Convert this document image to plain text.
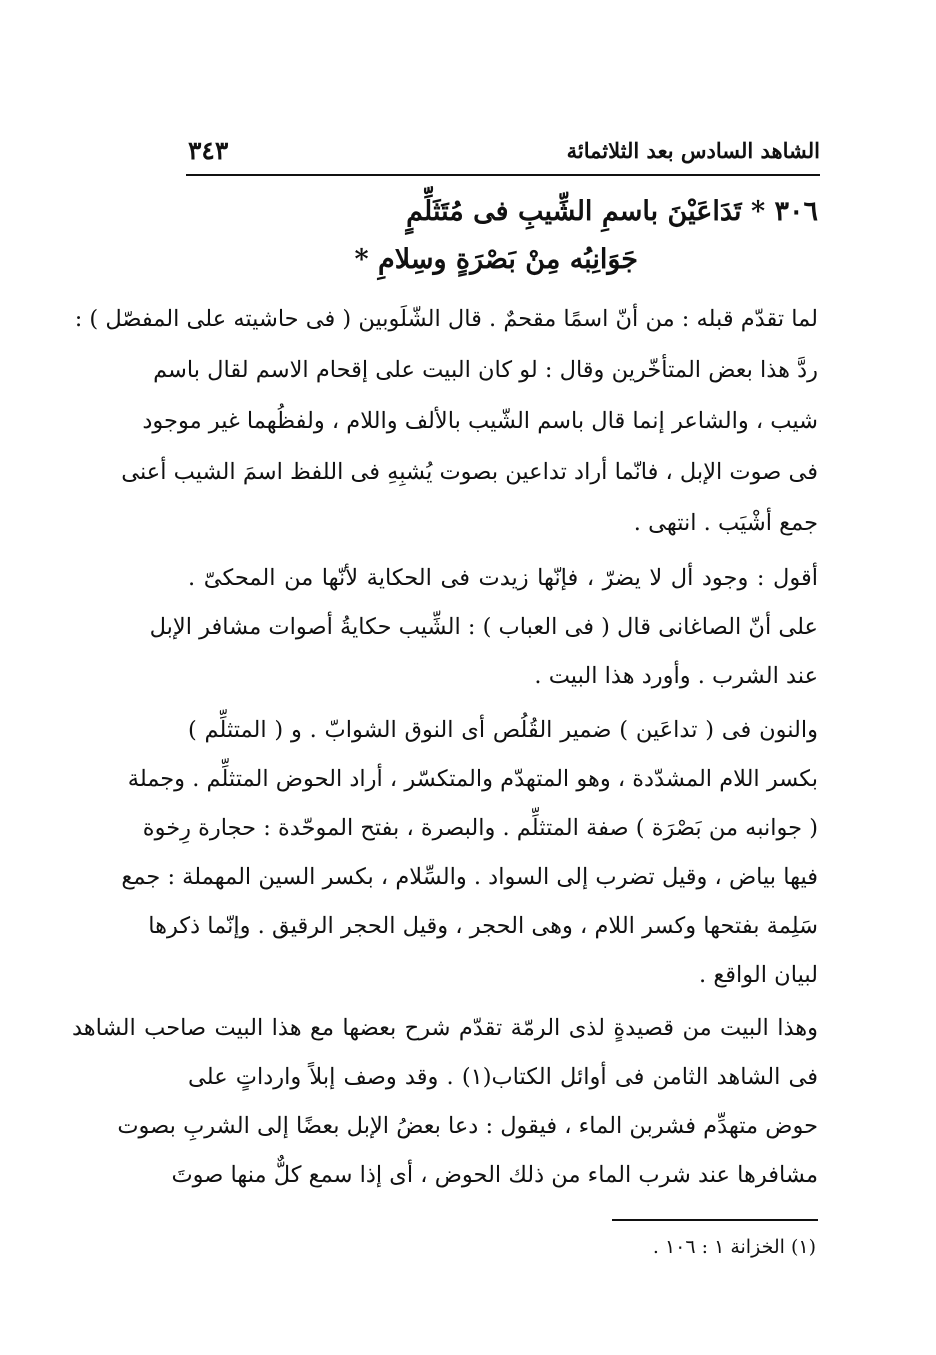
الشاهد السادس بعد الثلاثمائة
٣٤٣
٣٠٦ * تَدَاعَيْنَ باسمِ الشِّيبِ فى مُتَثَلِّمٍ
جَوَانِبُه مِنْ بَصْرَةٍ وسِلامِ *
لما تقدّم قبله : من أنّ اسمًا مقحمٌ . قال الشّلَوبين ( فى حاشيته على المفصّل ) :
ردَّ هذا بعض المتأخّرين وقال : لو كان البيت على إقحام الاسم لقال باسم
شيب ، والشاعر إنما قال باسم الشّيب بالألف واللام ، ولفظُهما غير موجود
فى صوت الإبل ، فانّما أراد تداعين بصوت يُشبِهِ فى اللفظ اسمَ الشيب أعنى
جمع أشْيَب . انتهى .
أقول : وجود أل لا يضرّ ، فإنّها زيدت فى الحكاية لأنّها من المحكىّ .
على أنّ الصاغانى قال ( فى العباب ) : الشِّيب حكايةُ أصوات مشافر الإبل
عند الشرب . وأورد هذا البيت .
والنون فى ( تداعَين ) ضمير القُلُص أى النوق الشوابّ . و ( المتثلِّم )
بكسر اللام المشدّدة ، وهو المتهدّم والمتكسّر ، أراد الحوض المتثلِّم . وجملة
( جوانبه من بَصْرَة ) صفة المتثلِّم . والبصرة ، بفتح الموحّدة : حجارة رِخوة
فيها بياض ، وقيل تضرب إلى السواد . والسِّلام ، بكسر السين المهملة : جمع
سَلِمة بفتحها وكسر اللام ، وهى الحجر ، وقيل الحجر الرقيق . وإنّما ذكرها
لبيان الواقع .
وهذا البيت من قصيدةٍ لذى الرمّة تقدّم شرح بعضها مع هذا البيت صاحب الشاهد
فى الشاهد الثامن فى أوائل الكتاب(١) . وقد وصف إبلاً وارداتٍ على
حوض متهدِّم فشربن الماء ، فيقول : دعا بعضُ الإبل بعضًا إلى الشربِ بصوت
مشافرها عند شرب الماء من ذلك الحوض ، أى إذا سمع كلٌّ منها صوتَ
(١) الخزانة ١ : ١٠٦ .
